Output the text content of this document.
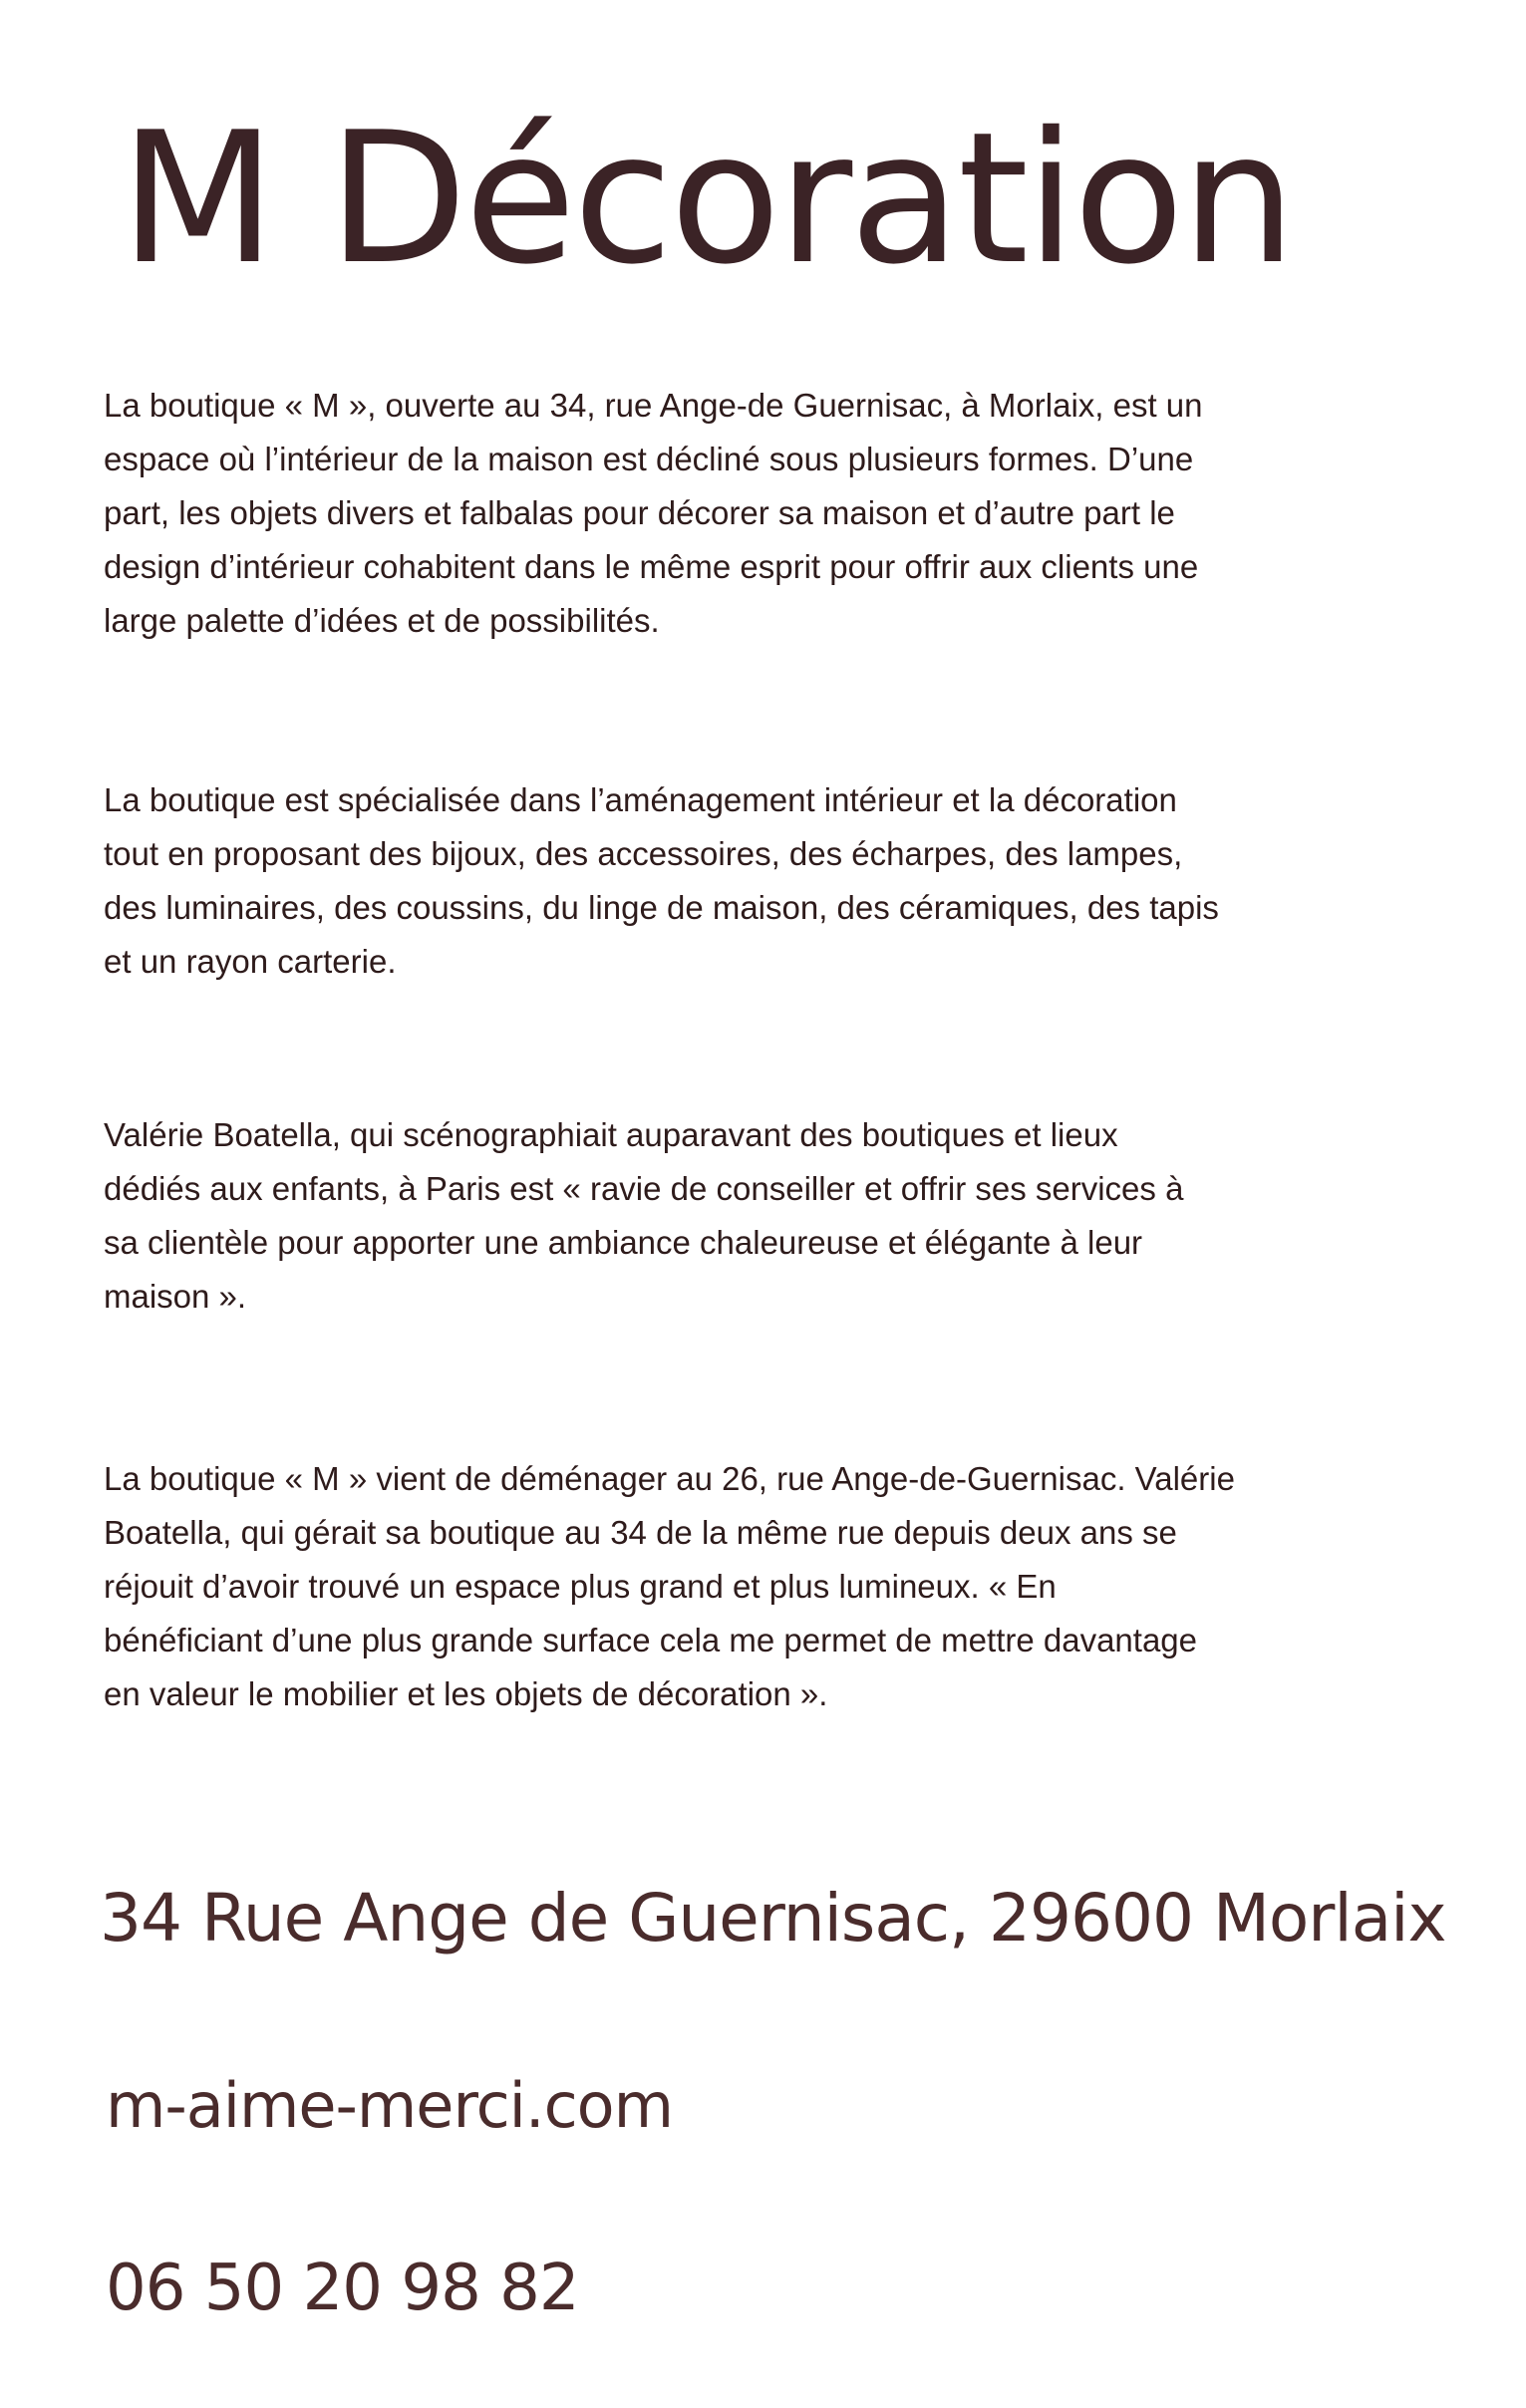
M Décoration
La boutique « M », ouverte au 34, rue Ange-de Guernisac, à Morlaix, est un
espace où l’intérieur de la maison est décliné sous plusieurs formes. D’une
part, les objets divers et falbalas pour décorer sa maison et d’autre part le
design d’intérieur cohabitent dans le même esprit pour offrir aux clients une
large palette d’idées et de possibilités.
La boutique est spécialisée dans l’aménagement intérieur et la décoration
tout en proposant des bijoux, des accessoires, des écharpes, des lampes,
des luminaires, des coussins, du linge de maison, des céramiques, des tapis
et un rayon carterie.
Valérie Boatella, qui scénographiait auparavant des boutiques et lieux
dédiés aux enfants, à Paris est « ravie de conseiller et offrir ses services à
sa clientèle pour apporter une ambiance chaleureuse et élégante à leur
maison ».
La boutique « M » vient de déménager au 26, rue Ange-de-Guernisac. Valérie
Boatella, qui gérait sa boutique au 34 de la même rue depuis deux ans se
réjouit d’avoir trouvé un espace plus grand et plus lumineux. « En
bénéficiant d’une plus grande surface cela me permet de mettre davantage
en valeur le mobilier et les objets de décoration ».

34 Rue Ange de Guernisac, 29600 Morlaix

m-aime-merci.com

06 50 20 98 82
